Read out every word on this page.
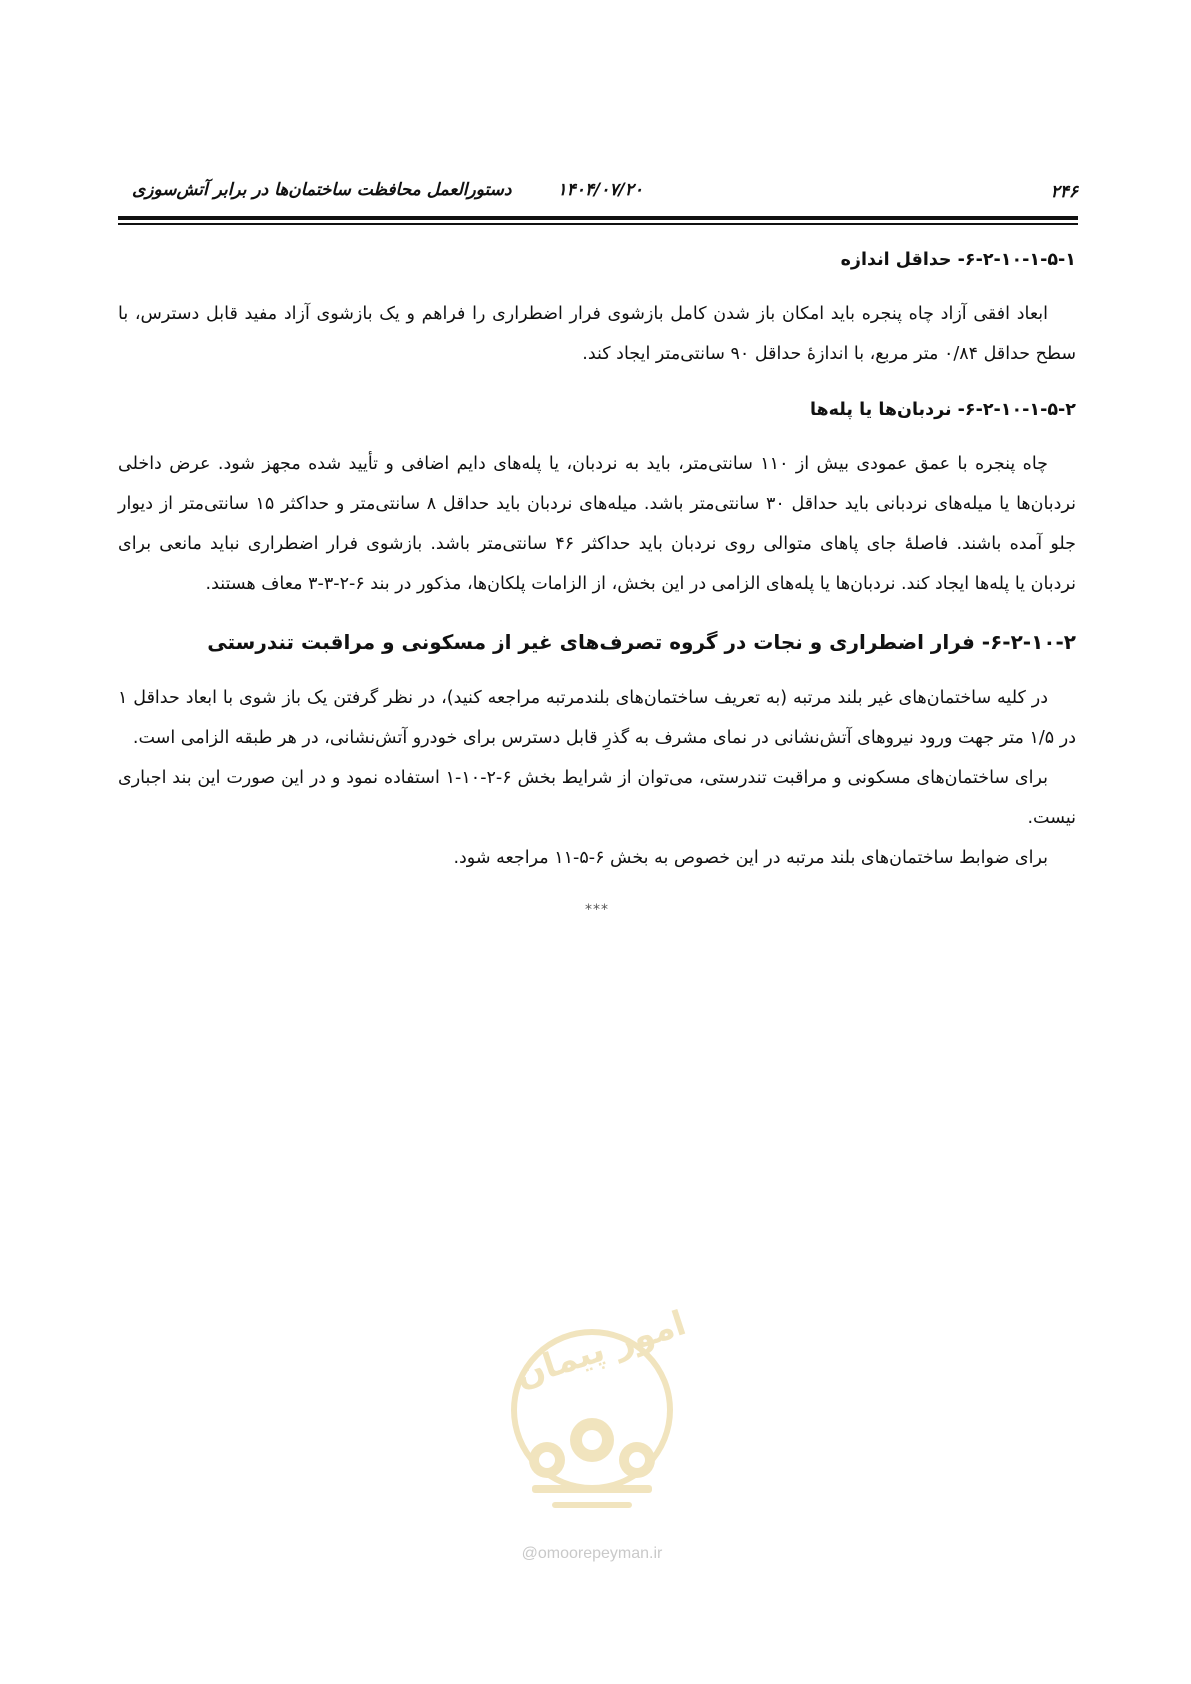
۲۴۶
۱۴۰۴/۰۷/۲۰
دستورالعمل محافظت ساختمان‌ها در برابر آتش‌سوزی
۶-۲-۱۰-۱-۵-۱- حداقل اندازه

ابعاد افقی آزاد چاه پنجره باید امکان باز شدن کامل بازشوی فرار اضطراری را فراهم و یک بازشوی آزاد مفید قابل دسترس، با سطح حداقل ۰/۸۴ متر مربع، با اندازهٔ حداقل ۹۰ سانتی‌متر ایجاد کند.

۶-۲-۱۰-۱-۵-۲- نردبان‌ها یا پله‌ها

چاه پنجره با عمق عمودی بیش از ۱۱۰ سانتی‌متر، باید به نردبان، یا پله‌های دایم اضافی و تأیید شده مجهز شود. عرض داخلی نردبان‌ها یا میله‌های نردبانی باید حداقل ۳۰ سانتی‌متر باشد. میله‌های نردبان باید حداقل ۸ سانتی‌متر و حداکثر ۱۵ سانتی‌متر از دیوار جلو آمده باشند. فاصلهٔ جای پاهای متوالی روی نردبان باید حداکثر ۴۶ سانتی‌متر باشد. بازشوی فرار اضطراری نباید مانعی برای نردبان یا پله‌ها ایجاد کند. نردبان‌ها یا پله‌های الزامی در این بخش، از الزامات پلکان‌ها، مذکور در بند ۶-۲-۳-۳ معاف هستند.

۶-۲-۱۰-۲- فرار اضطراری و نجات در گروه تصرف‌های غیر از مسکونی و مراقبت تندرستی

در کلیه ساختمان‌های غیر بلند مرتبه (به تعریف ساختمان‌های بلندمرتبه مراجعه کنید)، در نظر گرفتن یک باز شوی با ابعاد حداقل ۱ در ۱/۵ متر جهت ورود نیروهای آتش‌نشانی در نمای مشرف به گذرِ قابل دسترس برای خودرو آتش‌نشانی، در هر طبقه الزامی است.

برای ساختمان‌های مسکونی و مراقبت تندرستی، می‌توان از شرایط بخش ۶-۲-۱۰-۱ استفاده نمود و در این صورت این بند اجباری نیست.

برای ضوابط ساختمان‌های بلند مرتبه در این خصوص به بخش ۶-۵-۱۱ مراجعه شود.

***
امور پیمان
@omoorepeyman.ir
